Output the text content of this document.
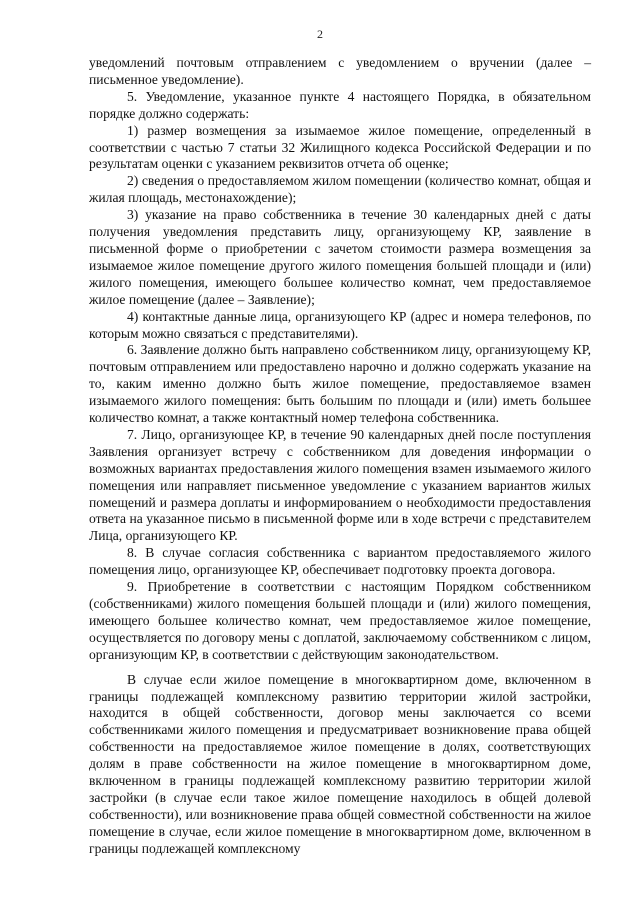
2

уведомлений почтовым отправлением с уведомлением о вручении (далее – письменное уведомление).

5. Уведомление, указанное пункте 4 настоящего Порядка, в обязательном порядке должно содержать:

1) размер возмещения за изымаемое жилое помещение, определенный в соответствии с частью 7 статьи 32 Жилищного кодекса Российской Федерации и по результатам оценки с указанием реквизитов отчета об оценке;

2) сведения о предоставляемом жилом помещении (количество комнат, общая и жилая площадь, местонахождение);

3) указание на право собственника в течение 30 календарных дней с даты получения уведомления представить лицу, организующему КР, заявление в письменной форме о приобретении с зачетом стоимости размера возмещения за изымаемое жилое помещение другого жилого помещения большей площади и (или) жилого помещения, имеющего большее количество комнат, чем предоставляемое жилое помещение (далее – Заявление);

4) контактные данные лица, организующего КР (адрес и номера телефонов, по которым можно связаться с представителями).

6. Заявление должно быть направлено собственником лицу, организующему КР, почтовым отправлением или предоставлено нарочно и должно содержать указание на то, каким именно должно быть жилое помещение, предоставляемое взамен изымаемого жилого помещения: быть большим по площади и (или) иметь большее количество комнат, а также контактный номер телефона собственника.

7. Лицо, организующее КР, в течение 90 календарных дней после поступления Заявления организует встречу с собственником для доведения информации о возможных вариантах предоставления жилого помещения взамен изымаемого жилого помещения или направляет письменное уведомление с указанием вариантов жилых помещений и размера доплаты и информированием о необходимости предоставления ответа на указанное письмо в письменной форме или в ходе встречи с представителем Лица, организующего КР.

8. В случае согласия собственника с вариантом предоставляемого жилого помещения лицо, организующее КР, обеспечивает подготовку проекта договора.

9. Приобретение в соответствии с настоящим Порядком собственником (собственниками) жилого помещения большей площади и (или) жилого помещения, имеющего большее количество комнат, чем предоставляемое жилое помещение, осуществляется по договору мены с доплатой, заключаемому собственником с лицом, организующим КР, в соответствии с действующим законодательством.

В случае если жилое помещение в многоквартирном доме, включенном в границы подлежащей комплексному развитию территории жилой застройки, находится в общей собственности, договор мены заключается со всеми собственниками жилого помещения и предусматривает возникновение права общей собственности на предоставляемое жилое помещение в долях, соответствующих долям в праве собственности на жилое помещение в многоквартирном доме, включенном в границы подлежащей комплексному развитию территории жилой застройки (в случае если такое жилое помещение находилось в общей долевой собственности), или возникновение права общей совместной собственности на жилое помещение в случае, если жилое помещение в многоквартирном доме, включенном в границы подлежащей комплексному
